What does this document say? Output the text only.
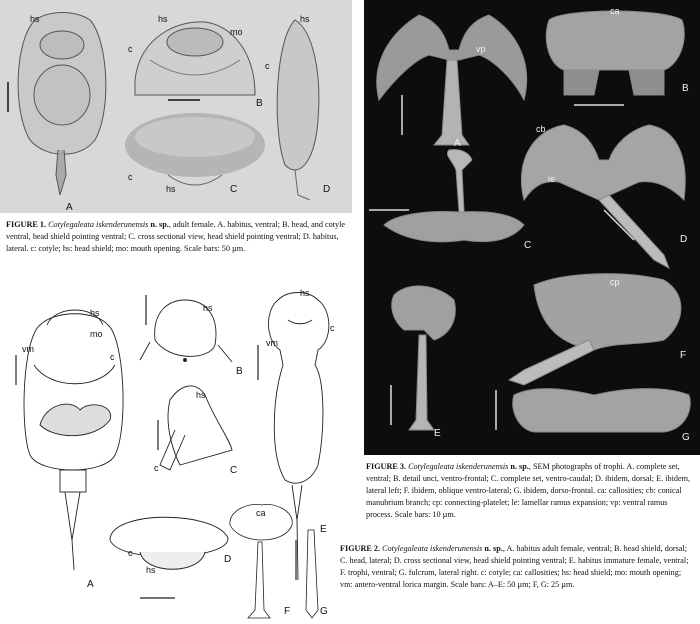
hs	hs
mo
c
c
hs
hs
c
A
B
C	D
FIGURE 1. Cotylegaleata iskenderunensis n. sp., adult female. A. habitus, ventral; B. head, and cotyle ventral, head shield pointing ventral; C. cross sectional view, head shield pointing ventral; D. habitus, lateral. c: cotyle; hs: head shield; mo: mouth opening. Scale bars: 50 µm.
vp
ca
cb
le
cp
A
B
C
D
E
F
G
FIGURE 3. Cotylegaleata iskenderunensis n. sp., SEM photographs of trophi. A. complete set, ventral; B. detail unci, ventro-frontal; C. complete set, ventro-caudal; D. ibidem, dorsal; E. ibidem, lateral left; F. ibidem, oblique ventro-lateral; G. ibidem, dorso-frontal. ca: callosities; cb: conical manubrium branch; cp: connecting-platelet; le: lamellar ramus expansion; vp: ventral ramus process. Scale bars: 10 µm.
hs
mo
vm
c
hs
hs
c
hs
vm
c
c
hs
ca
A
B
C
D
E
F	G
FIGURE 2. Cotylegaleata iskenderunensis n. sp., A. habitus adult female, ventral; B. head shield, dorsal; C. head, lateral; D. cross sectional view, head shield pointing ventral; E. habitus immature female, ventral; F. trophi, ventral; G. fulcrum, lateral right. c: cotyle; ca: callosities; hs: head shield; mo: mouth opening; vm: antero-ventral lorica margin. Scale bars: A–E: 50 µm; F, G: 25 µm.
